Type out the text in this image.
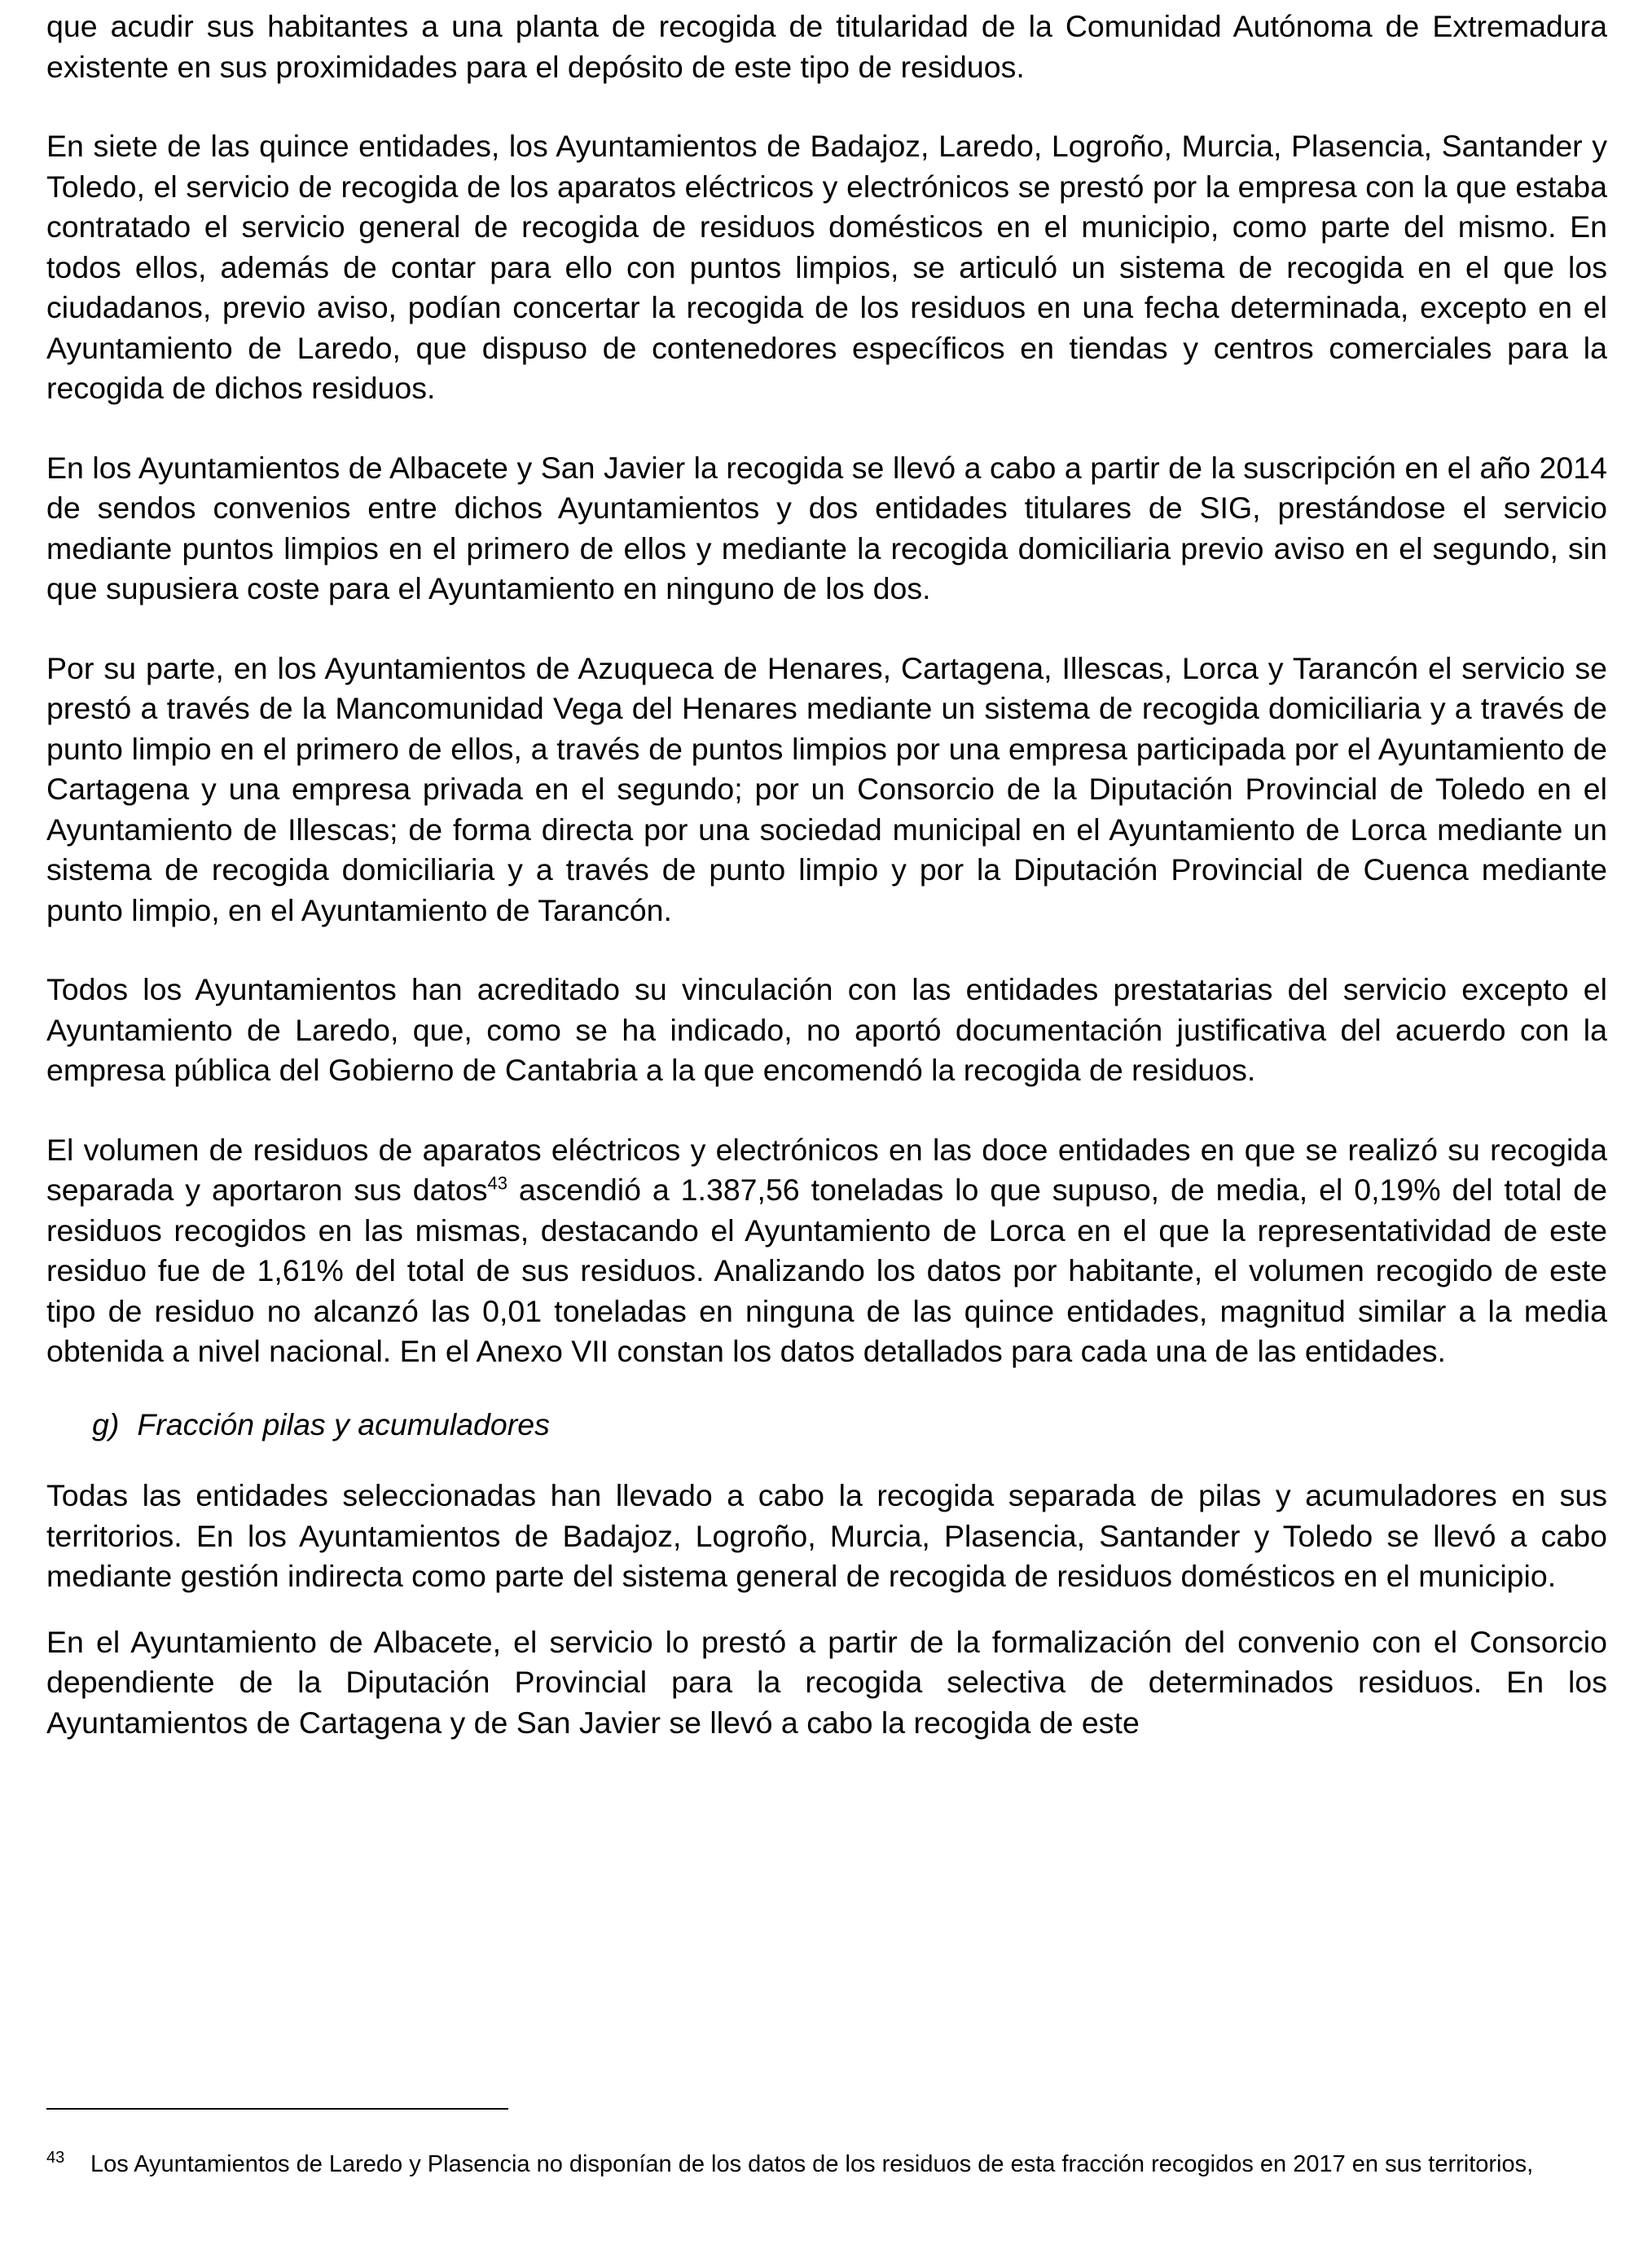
que acudir sus habitantes a una planta de recogida de titularidad de la Comunidad Autónoma de Extremadura existente en sus proximidades para el depósito de este tipo de residuos.

En siete de las quince entidades, los Ayuntamientos de Badajoz, Laredo, Logroño, Murcia, Plasencia, Santander y Toledo, el servicio de recogida de los aparatos eléctricos y electrónicos se prestó por la empresa con la que estaba contratado el servicio general de recogida de residuos domésticos en el municipio, como parte del mismo. En todos ellos, además de contar para ello con puntos limpios, se articuló un sistema de recogida en el que los ciudadanos, previo aviso, podían concertar la recogida de los residuos en una fecha determinada, excepto en el Ayuntamiento de Laredo, que dispuso de contenedores específicos en tiendas y centros comerciales para la recogida de dichos residuos.

En los Ayuntamientos de Albacete y San Javier la recogida se llevó a cabo a partir de la suscripción en el año 2014 de sendos convenios entre dichos Ayuntamientos y dos entidades titulares de SIG, prestándose el servicio mediante puntos limpios en el primero de ellos y mediante la recogida domiciliaria previo aviso en el segundo, sin que supusiera coste para el Ayuntamiento en ninguno de los dos.

Por su parte, en los Ayuntamientos de Azuqueca de Henares, Cartagena, Illescas, Lorca y Tarancón el servicio se prestó a través de la Mancomunidad Vega del Henares mediante un sistema de recogida domiciliaria y a través de punto limpio en el primero de ellos, a través de puntos limpios por una empresa participada por el Ayuntamiento de Cartagena y una empresa privada en el segundo; por un Consorcio de la Diputación Provincial de Toledo en el Ayuntamiento de Illescas; de forma directa por una sociedad municipal en el Ayuntamiento de Lorca mediante un sistema de recogida domiciliaria y a través de punto limpio y por la Diputación Provincial de Cuenca mediante punto limpio, en el Ayuntamiento de Tarancón.

Todos los Ayuntamientos han acreditado su vinculación con las entidades prestatarias del servicio excepto el Ayuntamiento de Laredo, que, como se ha indicado, no aportó documentación justificativa del acuerdo con la empresa pública del Gobierno de Cantabria a la que encomendó la recogida de residuos.

El volumen de residuos de aparatos eléctricos y electrónicos en las doce entidades en que se realizó su recogida separada y aportaron sus datos$^{43}$ ascendió a 1.387,56 toneladas lo que supuso, de media, el 0,19% del total de residuos recogidos en las mismas, destacando el Ayuntamiento de Lorca en el que la representatividad de este residuo fue de 1,61% del total de sus residuos. Analizando los datos por habitante, el volumen recogido de este tipo de residuo no alcanzó las 0,01 toneladas en ninguna de las quince entidades, magnitud similar a la media obtenida a nivel nacional. En el Anexo VII constan los datos detallados para cada una de las entidades.

g) Fracción pilas y acumuladores

Todas las entidades seleccionadas han llevado a cabo la recogida separada de pilas y acumuladores en sus territorios. En los Ayuntamientos de Badajoz, Logroño, Murcia, Plasencia, Santander y Toledo se llevó a cabo mediante gestión indirecta como parte del sistema general de recogida de residuos domésticos en el municipio.

En el Ayuntamiento de Albacete, el servicio lo prestó a partir de la formalización del convenio con el Consorcio dependiente de la Diputación Provincial para la recogida selectiva de determinados residuos. En los Ayuntamientos de Cartagena y de San Javier se llevó a cabo la recogida de este

43	Los Ayuntamientos de Laredo y Plasencia no disponían de los datos de los residuos de esta fracción recogidos en 2017 en sus territorios,
